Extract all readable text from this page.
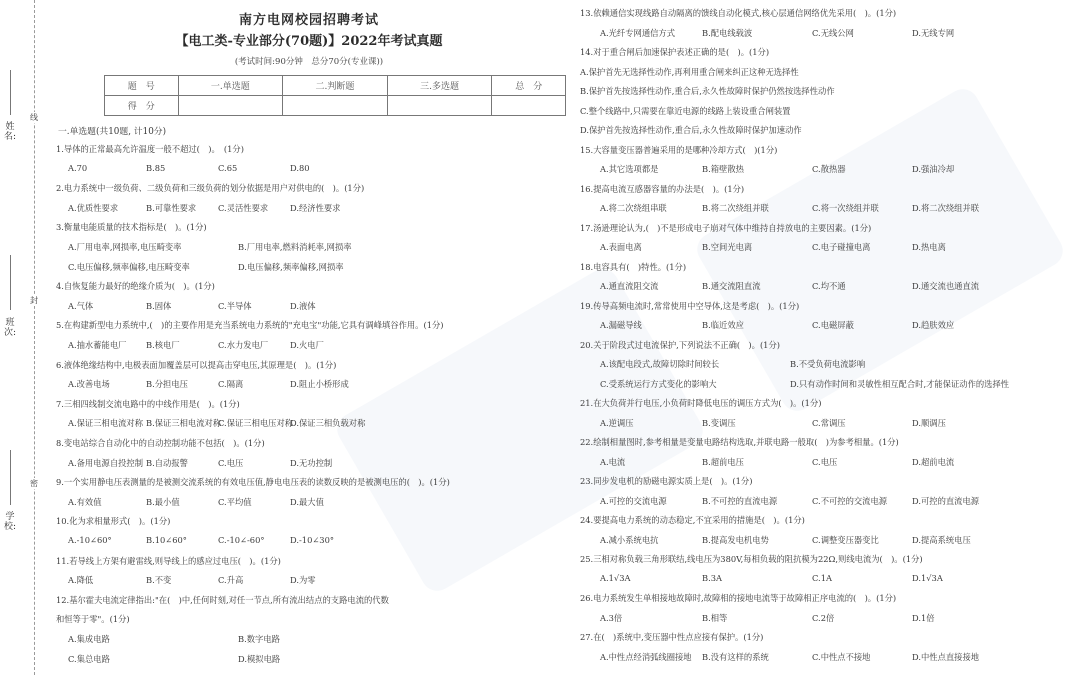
姓名:
班次:
学校:
线
封
密
南方电网校园招聘考试
【电工类-专业部分(70题)】2022年考试真题
(考试时间:90分钟　总分70分(专业课))
题　号	一.单选题	二.判断题	三.多选题	总　分
得　分				
一.单选题(共10题, 计10分)
1.导体的正常最高允许温度一般不超过(　)。　(1分)
A.70	B.85	C.65	D.80
2.电力系统中一级负荷、二级负荷和三级负荷的划分依据是用户对供电的(　)。(1分)
A.优质性要求	B.可靠性要求	C.灵活性要求	D.经济性要求
3.衡量电能质量的技术指标是(　)。(1分)
A.厂用电率,网损率,电压畸变率	B.厂用电率,燃料消耗率,网损率
C.电压偏移,频率偏移,电压畸变率	D.电压偏移,频率偏移,网损率
4.自恢复能力最好的绝缘介质为(　)。(1分)
A.气体	B.固体	C.半导体	D.液体
5.在构建新型电力系统中,(　)的主要作用是充当系统电力系统的"充电宝"功能,它具有调峰填谷作用。(1分)
A.抽水蓄能电厂 B.核电厂	C.水力发电厂	D.火电厂
6.液体绝缘结构中,电极表面加覆盖层可以提高击穿电压,其原理是(　)。(1分)
A.改善电场	B.分担电压	C.隔离	D.阻止小桥形成
7.三相四线制交流电路中的中线作用是(　)。(1分)
A.保证三相电流对称 B.保证三相电流对称
C.保证三相电压对称
D.保证三相负载对称
8.变电站综合自动化中的自动控制功能不包括(　)。(1分)
A.备用电源自投控制 B.自动报警	C.电压	D.无功控制
9.一个实用静电压表测量的是被测交流系统的有效电压值,静电电压表的读数反映的是被测电压的(　)。(1分)
A.有效值	B.最小值	C.平均值	D.最大值
10.化为求相量形式(　)。(1分)
A.-10∠60°	B.10∠60°	C.-10∠-60°	D.-10∠30°
11.若导线上方架有避雷线,则导线上的感应过电压(　)。(1分)
A.降低	B.不变	C.升高	D.为零
12.基尔霍夫电流定律指出:"在(　)中,任何时刻,对任一节点,所有流出结点的支路电流的代数
和恒等于零"。(1分)
A.集成电路	B.数字电路
C.集总电路	D.模拟电路
13.依赖通信实现线路自动隔离的馈线自动化模式,核心层通信网络优先采用(　)。(1分)
A.光纤专网通信方式	B.配电线载波	C.无线公网	D.无线专网
14.对于重合闸后加速保护表述正确的是(　)。(1分)
A.保护首先无选择性动作,再利用重合闸来纠正这种无选择性
B.保护首先按选择性动作,重合后,永久性故障时保护仍然按选择性动作
C.整个线路中,只需要在靠近电源的线路上装设重合闸装置
D.保护首先按选择性动作,重合后,永久性故障时保护加速动作
15.大容量变压器普遍采用的是哪种冷却方式(　)(1分)
A.其它选项都是	B.箱壁散热	C.散热器	D.强油冷却
16.提高电流互感器容量的办法是(　)。(1分)
A.将二次绕组串联	B.将二次绕组并联	C.将一次绕组并联	D.将二次绕组并联
17.汤逊理论认为,(　)不是形成电子崩对气体中维持自持放电的主要因素。(1分)
A.表面电离	B.空间光电离	C.电子碰撞电离	D.热电离
18.电容具有(　)特性。(1分)
A.通直流阻交流	B.通交流阻直流	C.均不通	D.通交流也通直流
19.传导高频电流时,常常使用中空导体,这是考虑(　)。(1分)
A.漏磁导线	B.临近效应	C.电磁屏蔽	D.趋肤效应
20.关于阶段式过电流保护,下列说法不正确(　)。(1分)
A.该配电段式,故障切除时间较长	B.不受负荷电流影响
C.受系统运行方式变化的影响大	D.只有动作时间和灵敏性相互配合时,才能保证动作的选择性
21.在大负荷并行电压,小负荷时降低电压的调压方式为(　)。(1分)
A.逆调压	B.变调压	C.常调压	D.顺调压
22.绘制相量图时,参考相量是变量电路结构选取,并联电路一般取(　)为参考相量。(1分)
A.电流	B.超前电压	C.电压	D.超前电流
23.同步发电机的励磁电源实质上是(　)。(1分)
A.可控的交流电源	B.不可控的直流电源	C.不可控的交流电源	D.可控的直流电源
24.要提高电力系统的动态稳定,不宜采用的措施是(　)。(1分)
A.减小系统电抗	B.提高发电机电势	C.调整变压器变比	D.提高系统电压
25.三相对称负载三角形联结,线电压为380V,每相负载的阻抗模为22Ω,则线电流为(　)。(1分)
A.1√3A	B.3A	C.1A	D.1√3A
26.电力系统发生单相接地故障时,故障相的接地电流等于故障相正序电流的(　)。(1分)
A.3倍	B.相等	C.2倍	D.1倍
27.在(　)系统中,变压器中性点应接有保护。(1分)
A.中性点经消弧线圈接地 B.没有这样的系统	C.中性点不接地	D.中性点直接接地
